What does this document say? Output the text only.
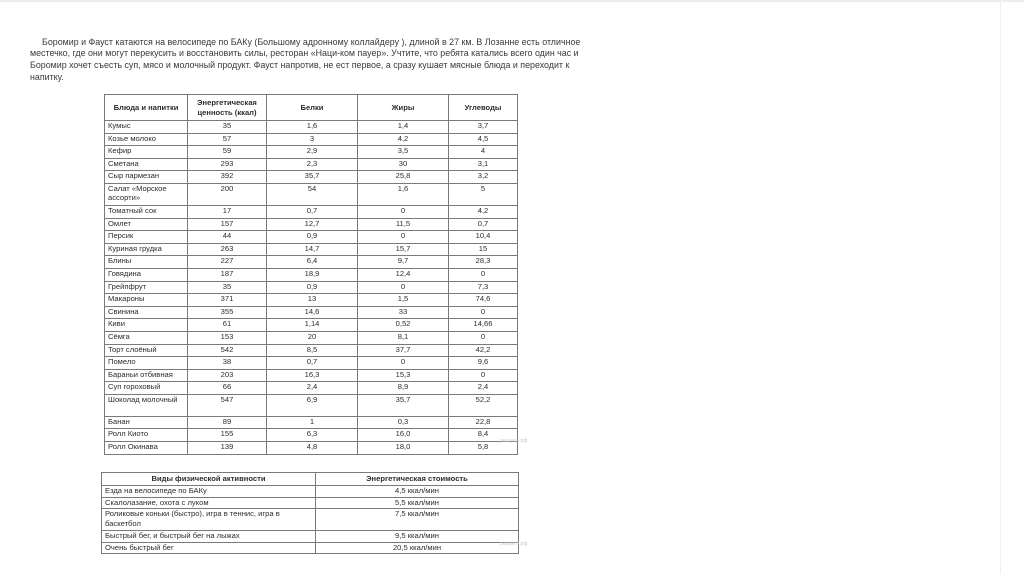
Боромир и Фауст катаются на велосипеде по БАКу (Большому адронному коллайдеру ), длиной в 27 км. В Лозанне есть отличное местечко, где они могут перекусить и восстановить силы, ресторан «Наци-ком пауер». Учтите, что ребята катались всего один час и Боромир хочет съесть суп, мясо и молочный продукт. Фауст напротив, не ест первое, а сразу кушает мясные блюда и переходит к напитку.

Блюда и напитки	Энергетическая ценность (ккал)	Белки	Жиры	Углеводы
Кумыс	35	1,6	1,4	3,7
Козье молоко	57	3	4,2	4,5
Кефир	59	2,9	3,5	4
Сметана	293	2,3	30	3,1
Сыр пармезан	392	35,7	25,8	3,2
Салат «Морское ассорти»	200	54	1,6	5
Томатный сок	17	0,7	0	4,2
Омлет	157	12,7	11,5	0,7
Персик	44	0,9	0	10,4
Куриная грудка	263	14,7	15,7	15
Блины	227	6,4	9,7	28,3
Говядина	187	18,9	12,4	0
Грейпфрут	35	0,9	0	7,3
Макароны	371	13	1,5	74,6
Свинина	355	14,6	33	0
Киви	61	1,14	0,52	14,66
Сёмга	153	20	8,1	0
Торт слоёный	542	8,5	37,7	42,2
Помело	38	0,7	0	9,6
Бараньи отбивная	203	16,3	15,3	0
Суп гороховый	66	2,4	8,9	2,4
Шоколад молочный	547	6,9	35,7	52,2
Банан	89	1	0,3	22,8
Ролл Киото	155	6,3	16,0	8,4
Ролл Окинава	139	4,8	18,0	5,8
Виды физической активности	Энергетическая стоимость
Езда на велосипеде по БАКу	4,5 ккал/мин
Скалолазание, охота с луком	5,5 ккал/мин
Роликовые коньки (быстро), игра в теннис, игра в баскетбол	7,5 ккал/мин
Быстрый бег, и быстрый бег на лыжах	9,5 ккал/мин
Очень быстрый бег	20,5 ккал/мин
решуегэ.рф
решуегэ.рф
